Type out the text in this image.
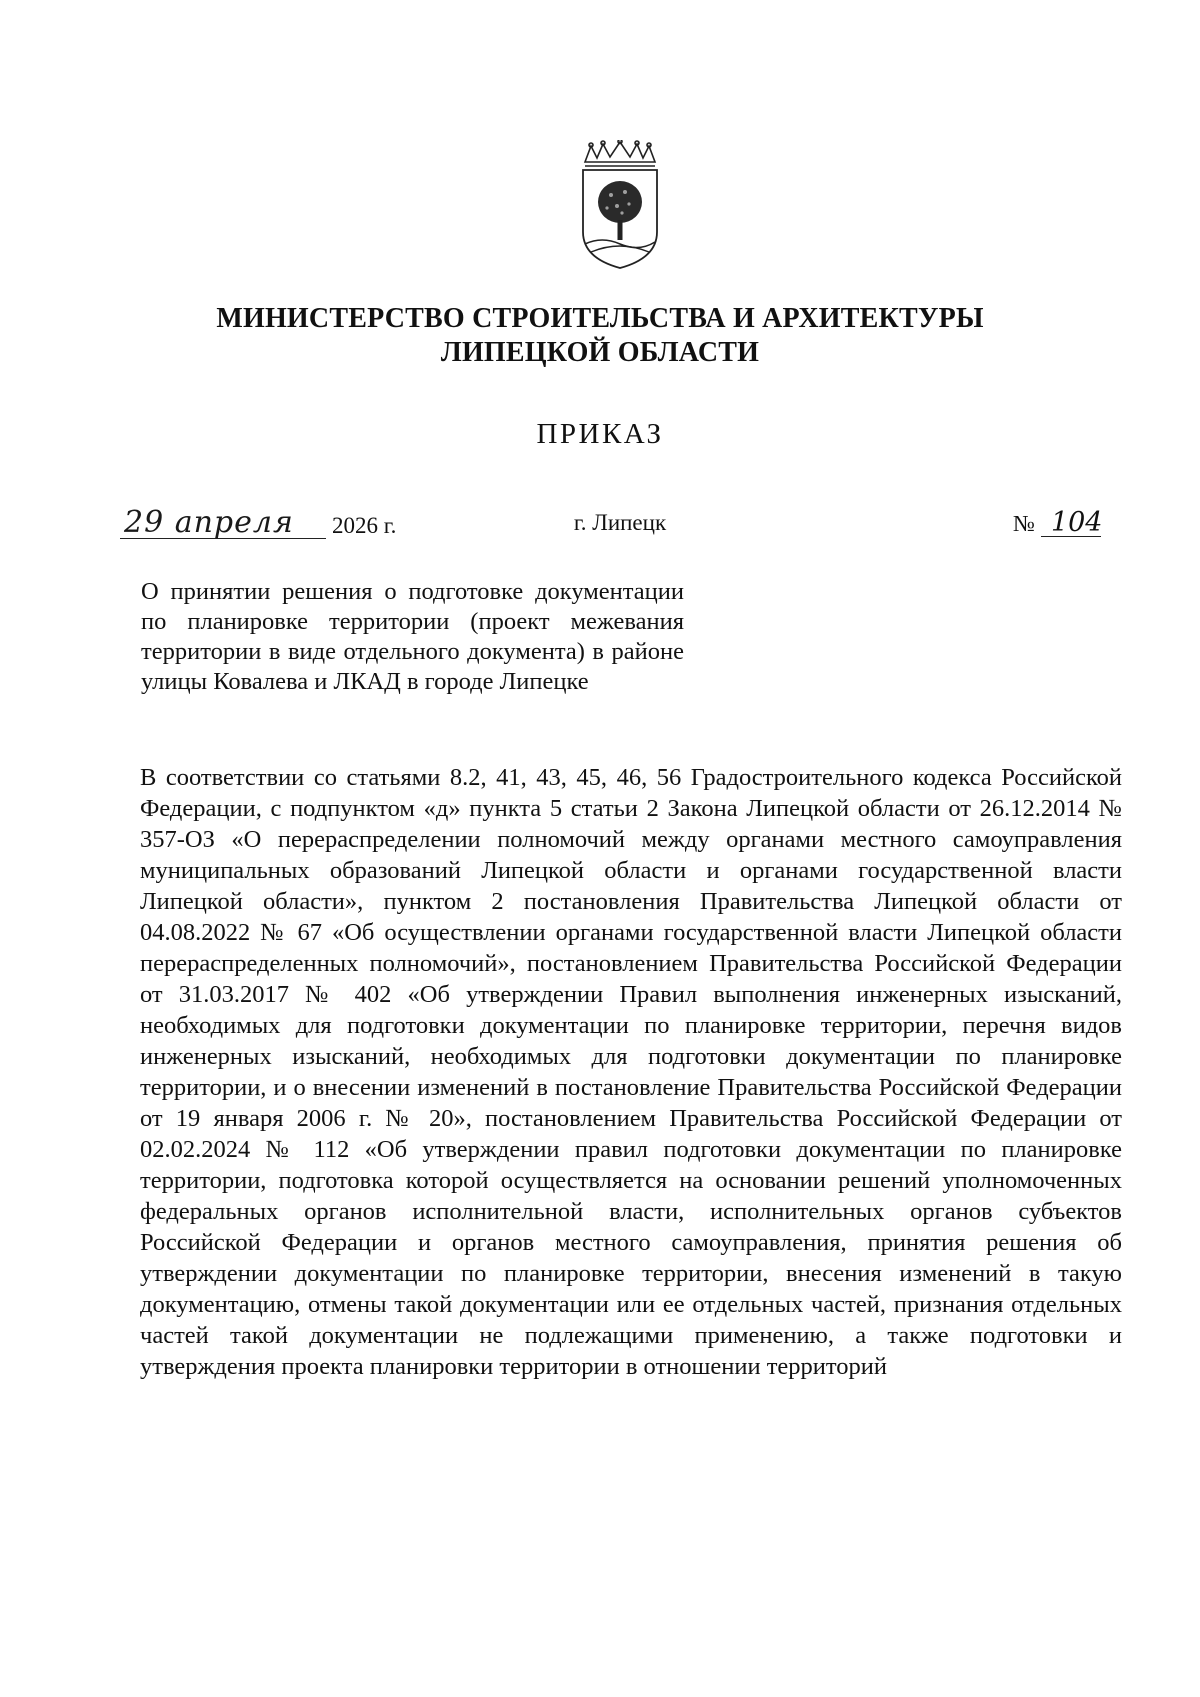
МИНИСТЕРСТВО СТРОИТЕЛЬСТВА И АРХИТЕКТУРЫ
ЛИПЕЦКОЙ ОБЛАСТИ
ПРИКАЗ
29 апреля 2026 г.	г. Липецк	№ 104
О принятии решения о подготовке документации по планировке территории (проект межевания территории в виде отдельного документа) в районе улицы Ковалева и ЛКАД в городе Липецке
В соответствии со статьями 8.2, 41, 43, 45, 46, 56 Градостроительного кодекса Российской Федерации, с подпунктом «д» пункта 5 статьи 2 Закона Липецкой области от 26.12.2014 № 357-ОЗ «О перераспределении полномочий между органами местного самоуправления муниципальных образований Липецкой области и органами государственной власти Липецкой области», пунктом 2 постановления Правительства Липецкой области от 04.08.2022 № 67 «Об осуществлении органами государственной власти Липецкой области перераспределенных полномочий», постановлением Правительства Российской Федерации от 31.03.2017 № 402 «Об утверждении Правил выполнения инженерных изысканий, необходимых для подготовки документации по планировке территории, перечня видов инженерных изысканий, необходимых для подготовки документации по планировке территории, и о внесении изменений в постановление Правительства Российской Федерации от 19 января 2006 г. № 20», постановлением Правительства Российской Федерации от 02.02.2024 № 112 «Об утверждении правил подготовки документации по планировке территории, подготовка которой осуществляется на основании решений уполномоченных федеральных органов исполнительной власти, исполнительных органов субъектов Российской Федерации и органов местного самоуправления, принятия решения об утверждении документации по планировке территории, внесения изменений в такую документацию, отмены такой документации или ее отдельных частей, признания отдельных частей такой документации не подлежащими применению, а также подготовки и утверждения проекта планировки территории в отношении территорий
